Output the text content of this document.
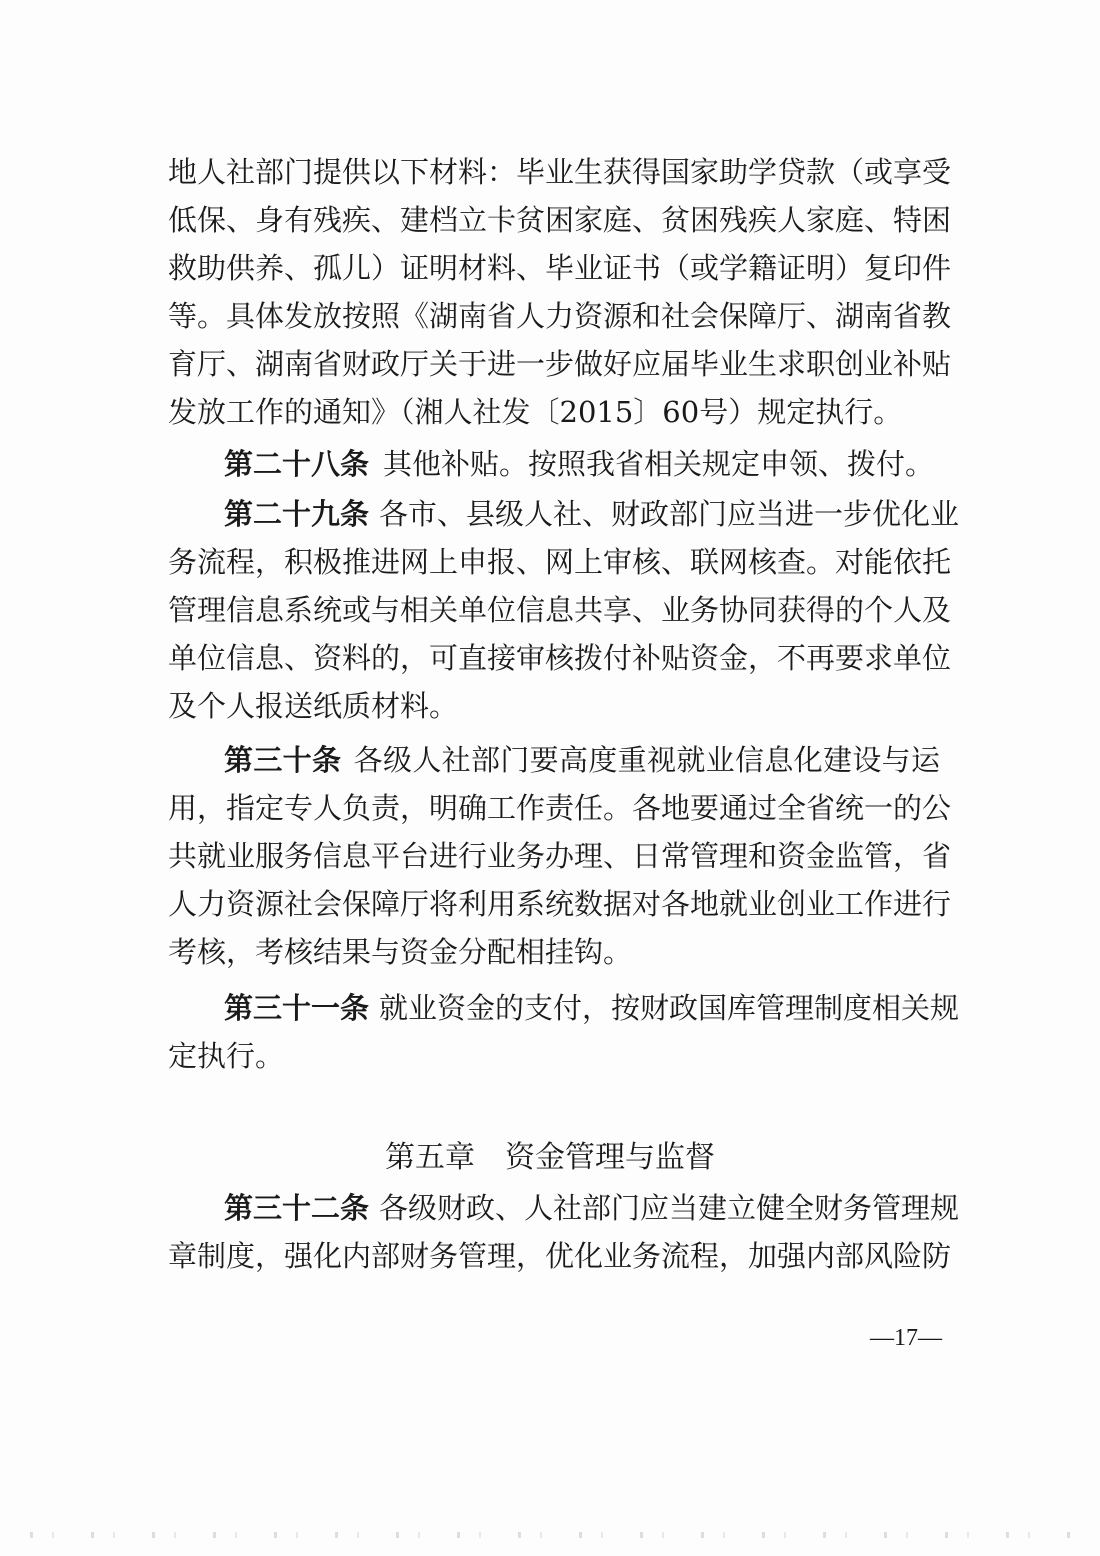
地人社部门提供以下材料：毕业生获得国家助学贷款（或享受
低保、身有残疾、建档立卡贫困家庭、贫困残疾人家庭、特困
救助供养、孤儿）证明材料、毕业证书（或学籍证明）复印件
等。具体发放按照《湖南省人力资源和社会保障厅、湖南省教
育厅、湖南省财政厅关于进一步做好应届毕业生求职创业补贴
发放工作的通知》（湘人社发〔2015〕60号）规定执行。
第二十八条 其他补贴。按照我省相关规定申领、拨付。
第二十九条 各市、县级人社、财政部门应当进一步优化业
务流程，积极推进网上申报、网上审核、联网核查。对能依托
管理信息系统或与相关单位信息共享、业务协同获得的个人及
单位信息、资料的，可直接审核拨付补贴资金，不再要求单位
及个人报送纸质材料。
第三十条 各级人社部门要高度重视就业信息化建设与运
用，指定专人负责，明确工作责任。各地要通过全省统一的公
共就业服务信息平台进行业务办理、日常管理和资金监管，省
人力资源社会保障厅将利用系统数据对各地就业创业工作进行
考核，考核结果与资金分配相挂钩。
第三十一条 就业资金的支付，按财政国库管理制度相关规
定执行。
第五章 资金管理与监督
第三十二条 各级财政、人社部门应当建立健全财务管理规
章制度，强化内部财务管理，优化业务流程，加强内部风险防
—17—
